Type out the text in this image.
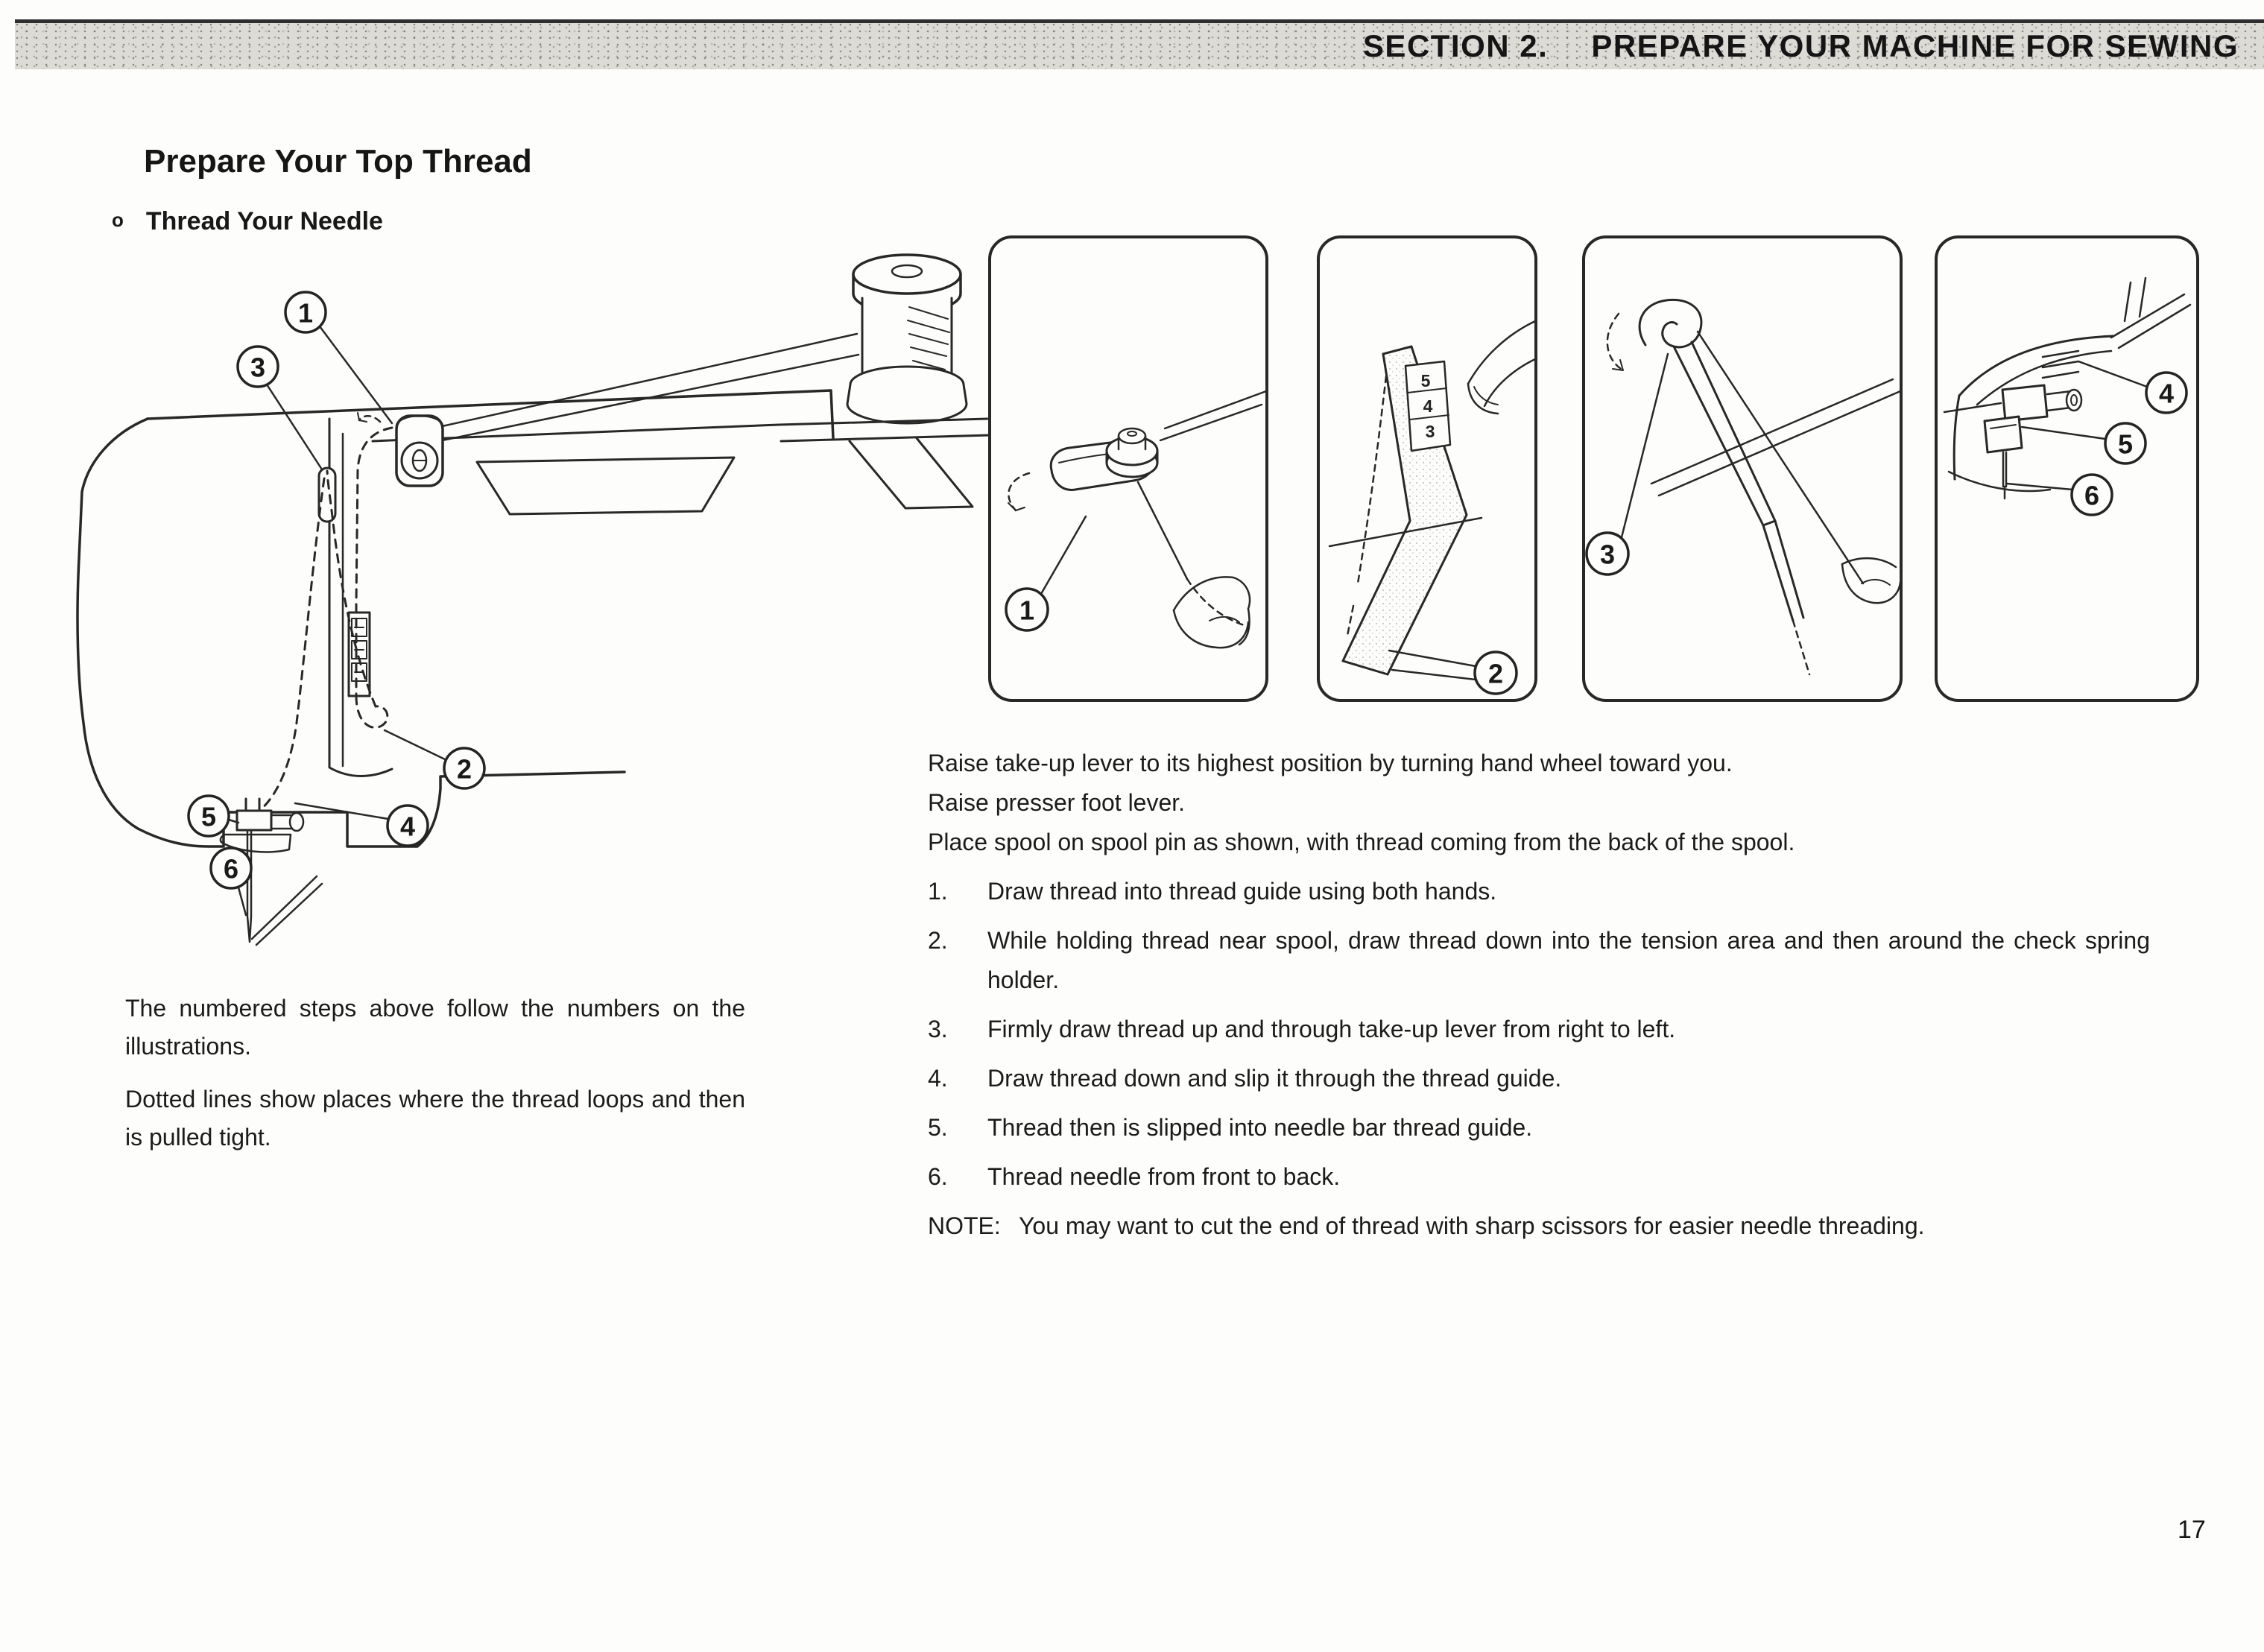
SECTION 2. PREPARE YOUR MACHINE FOR SEWING
Prepare Your Top Thread
o Thread Your Needle
1
3
2
5	4
6
1
5
4
3
2
3
4
5
6

Raise take-up lever to its highest position by turning hand wheel toward you.

Raise presser foot lever.

Place spool on spool pin as shown, with thread coming from the back of the spool.

1.	Draw thread into thread guide using both hands.
2.	While holding thread near spool, draw thread down into the tension area and then around the check spring holder.
3.	Firmly draw thread up and through take-up lever from right to left.
4.	Draw thread down and slip it through the thread guide.
5.	Thread then is slipped into needle bar thread guide.
6.	Thread needle from front to back.
NOTE: You may want to cut the end of thread with sharp scissors for easier needle threading.

The numbered steps above follow the numbers on the illustrations.

Dotted lines show places where the thread loops and then is pulled tight.

17
